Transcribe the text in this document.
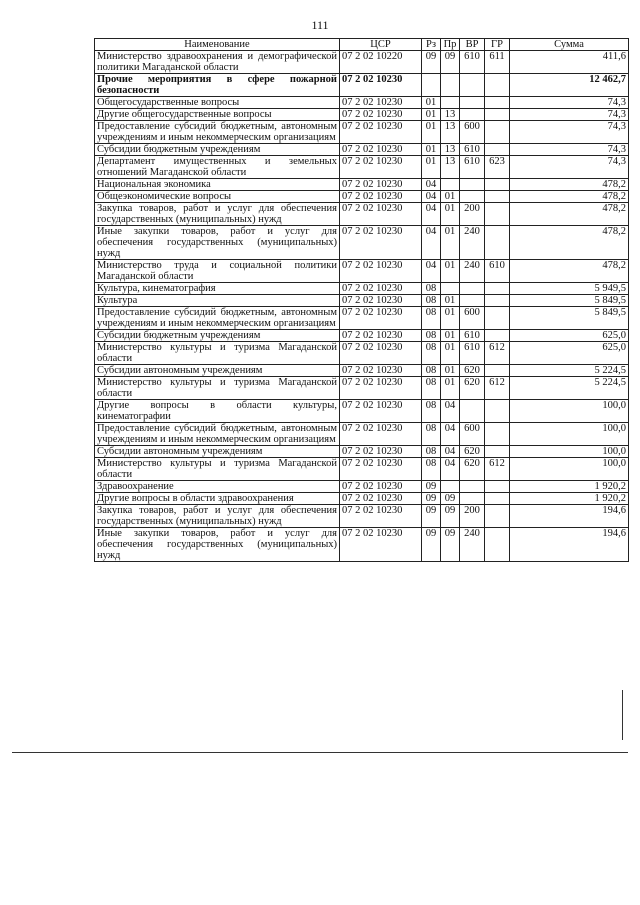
111
Наименование	ЦСР	Рз	Пр	ВР	ГР	Сумма
Министерство здравоохранения и демографической политики Магаданской области	07 2 02 10220	09	09	610	611	411,6
Прочие мероприятия в сфере пожарной безопасности	07 2 02 10230					12 462,7
Общегосударственные вопросы	07 2 02 10230	01				74,3
Другие общегосударственные вопросы	07 2 02 10230	01	13			74,3
Предоставление субсидий бюджетным, автономным учреждениям и иным некоммерческим организациям	07 2 02 10230	01	13	600		74,3
Субсидии бюджетным учреждениям	07 2 02 10230	01	13	610		74,3
Департамент имущественных и земельных отношений Магаданской области	07 2 02 10230	01	13	610	623	74,3
Национальная экономика	07 2 02 10230	04				478,2
Общеэкономические вопросы	07 2 02 10230	04	01			478,2
Закупка товаров, работ и услуг для обеспечения государственных (муниципальных) нужд	07 2 02 10230	04	01	200		478,2
Иные закупки товаров, работ и услуг для обеспечения государственных (муниципальных) нужд	07 2 02 10230	04	01	240		478,2
Министерство труда и социальной политики Магаданской области	07 2 02 10230	04	01	240	610	478,2
Культура, кинематография	07 2 02 10230	08				5 949,5
Культура	07 2 02 10230	08	01			5 849,5
Предоставление субсидий бюджетным, автономным учреждениям и иным некоммерческим организациям	07 2 02 10230	08	01	600		5 849,5
Субсидии бюджетным учреждениям	07 2 02 10230	08	01	610		625,0
Министерство культуры и туризма Магаданской области	07 2 02 10230	08	01	610	612	625,0
Субсидии автономным учреждениям	07 2 02 10230	08	01	620		5 224,5
Министерство культуры и туризма Магаданской области	07 2 02 10230	08	01	620	612	5 224,5
Другие вопросы в области культуры, кинематографии	07 2 02 10230	08	04			100,0
Предоставление субсидий бюджетным, автономным учреждениям и иным некоммерческим организациям	07 2 02 10230	08	04	600		100,0
Субсидии автономным учреждениям	07 2 02 10230	08	04	620		100,0
Министерство культуры и туризма Магаданской области	07 2 02 10230	08	04	620	612	100,0
Здравоохранение	07 2 02 10230	09				1 920,2
Другие вопросы в области здравоохранения	07 2 02 10230	09	09			1 920,2
Закупка товаров, работ и услуг для обеспечения государственных (муниципальных) нужд	07 2 02 10230	09	09	200		194,6
Иные закупки товаров, работ и услуг для обеспечения государственных (муниципальных) нужд	07 2 02 10230	09	09	240		194,6
